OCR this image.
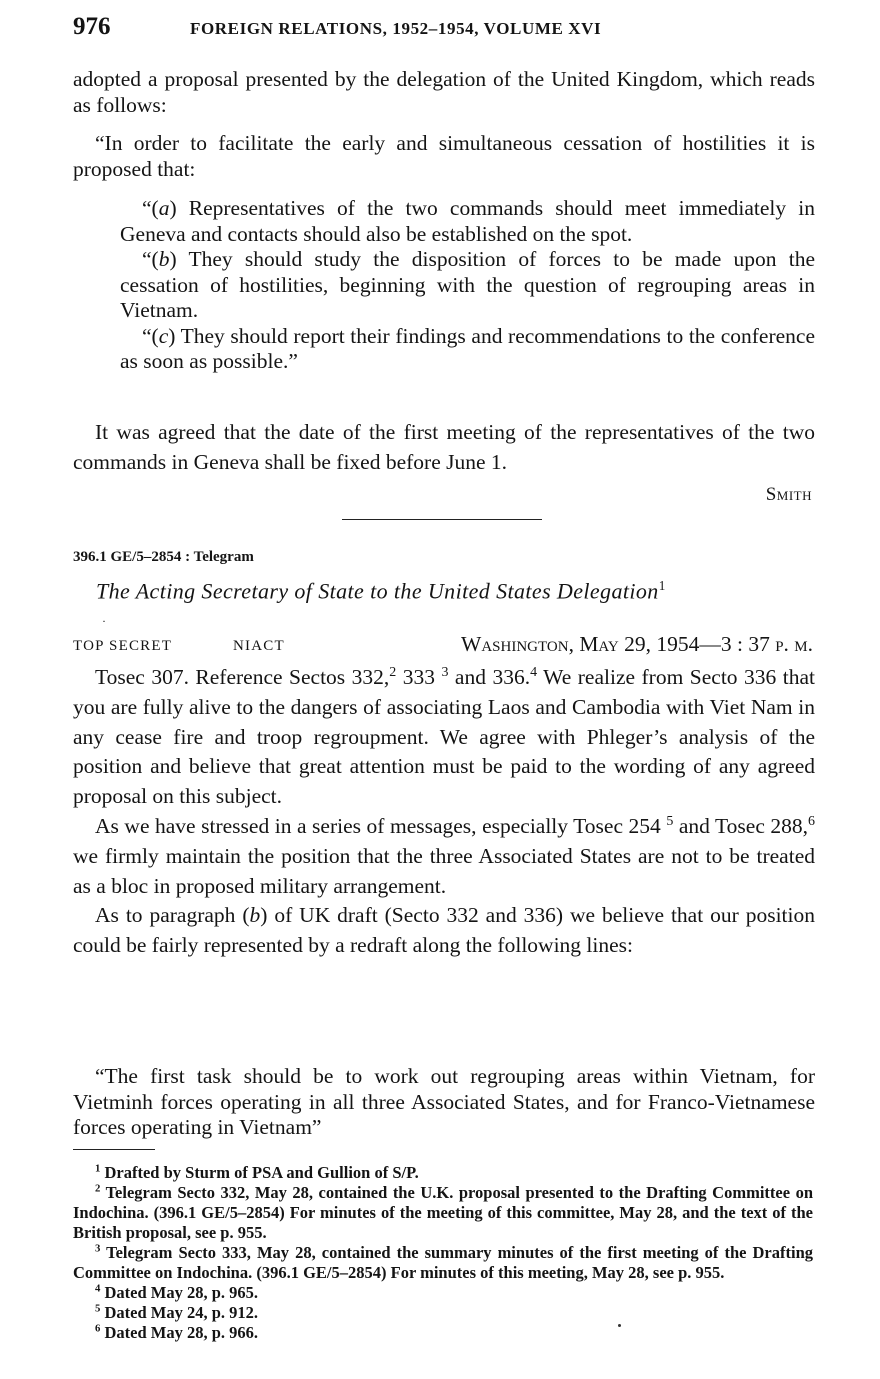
976	FOREIGN RELATIONS, 1952–1954, VOLUME XVI

adopted a proposal presented by the delegation of the United Kingdom, which reads as follows:

“In order to facilitate the early and simultaneous cessation of hostilities it is proposed that:

“(a) Representatives of the two commands should meet immediately in Geneva and contacts should also be established on the spot.

“(b) They should study the disposition of forces to be made upon the cessation of hostilities, beginning with the question of regrouping areas in Vietnam.

“(c) They should report their findings and recommendations to the conference as soon as possible.”

It was agreed that the date of the first meeting of the representatives of the two commands in Geneva shall be fixed before June 1.

Smith
396.1 GE/5–2854 : Telegram
The Acting Secretary of State to the United States Delegation$^1$
·
TOP SECRET	NIACT	Washington, May 29, 1954—3 : 37 p. m.

Tosec 307. Reference Sectos 332,$^2$ 333 $^3$ and 336.$^4$ We realize from Secto 336 that you are fully alive to the dangers of associating Laos and Cambodia with Viet Nam in any cease fire and troop regroupment. We agree with Phleger’s analysis of the position and believe that great attention must be paid to the wording of any agreed proposal on this subject.

As we have stressed in a series of messages, especially Tosec 254 $^5$ and Tosec 288,$^6$ we firmly maintain the position that the three Associated States are not to be treated as a bloc in proposed military arrangement.

As to paragraph (b) of UK draft (Secto 332 and 336) we believe that our position could be fairly represented by a redraft along the following lines:

“The first task should be to work out regrouping areas within Vietnam, for Vietminh forces operating in all three Associated States, and for Franco-Vietnamese forces operating in Vietnam”

$^1$ Drafted by Sturm of PSA and Gullion of S/P.

$^2$ Telegram Secto 332, May 28, contained the U.K. proposal presented to the Drafting Committee on Indochina. (396.1 GE/5–2854) For minutes of the meeting of this committee, May 28, and the text of the British proposal, see p. 955.

$^3$ Telegram Secto 333, May 28, contained the summary minutes of the first meeting of the Drafting Committee on Indochina. (396.1 GE/5–2854) For minutes of this meeting, May 28, see p. 955.

$^4$ Dated May 28, p. 965.

$^5$ Dated May 24, p. 912.

$^6$ Dated May 28, p. 966.
